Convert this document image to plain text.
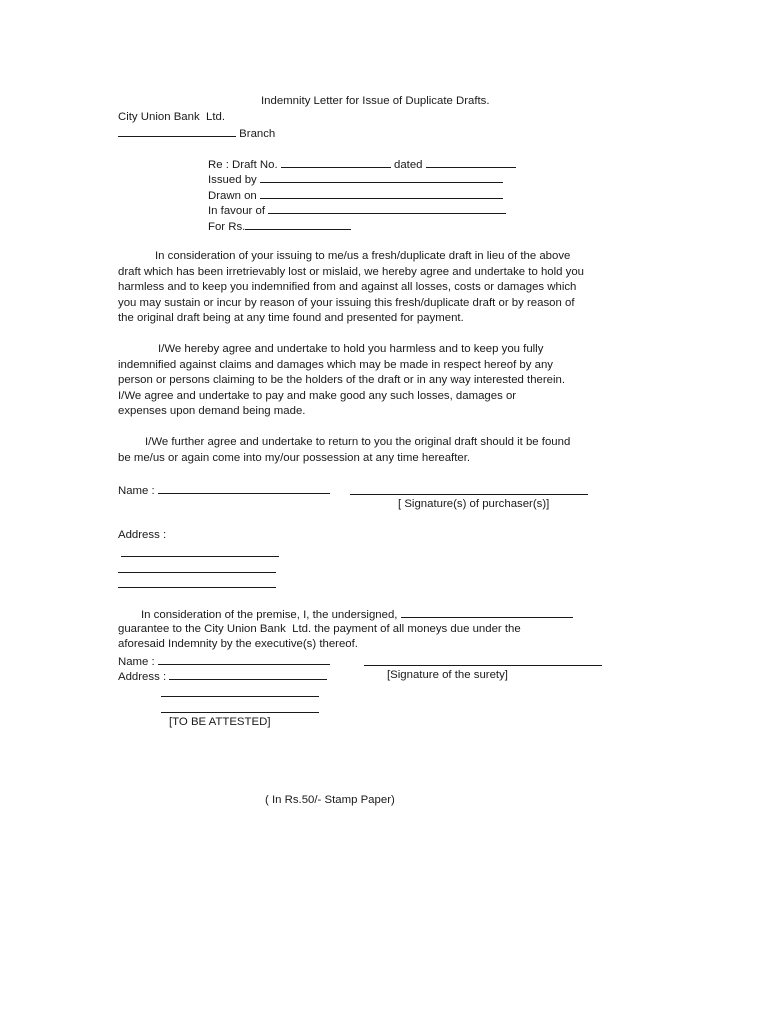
Indemnity Letter for Issue of Duplicate Drafts.
City Union Bank  Ltd.
Branch
Re : Draft No.	dated
Issued by
Drawn on
In favour of
For Rs.
In consideration of your issuing to me/us a fresh/duplicate draft in lieu of the above
draft which has been irretrievably lost or mislaid, we hereby agree and undertake to hold you
harmless and to keep you indemnified from and against all losses, costs or damages which
you may sustain or incur by reason of your issuing this fresh/duplicate draft or by reason of
the original draft being at any time found and presented for payment.
I/We hereby agree and undertake to hold you harmless and to keep you fully
indemnified against claims and damages which may be made in respect hereof by any
person or persons claiming to be the holders of the draft or in any way interested therein.
I/We agree and undertake to pay and make good any such losses, damages or
expenses upon demand being made.
I/We further agree and undertake to return to you the original draft should it be found
be me/us or again come into my/our possession at any time hereafter.
Name :
[ Signature(s) of purchaser(s)]
Address :
In consideration of the premise, I, the undersigned,
guarantee to the City Union Bank  Ltd. the payment of all moneys due under the
aforesaid Indemnity by the executive(s) thereof.
Name :
Address :	[Signature of the surety]
[TO BE ATTESTED]
( In Rs.50/- Stamp Paper)
